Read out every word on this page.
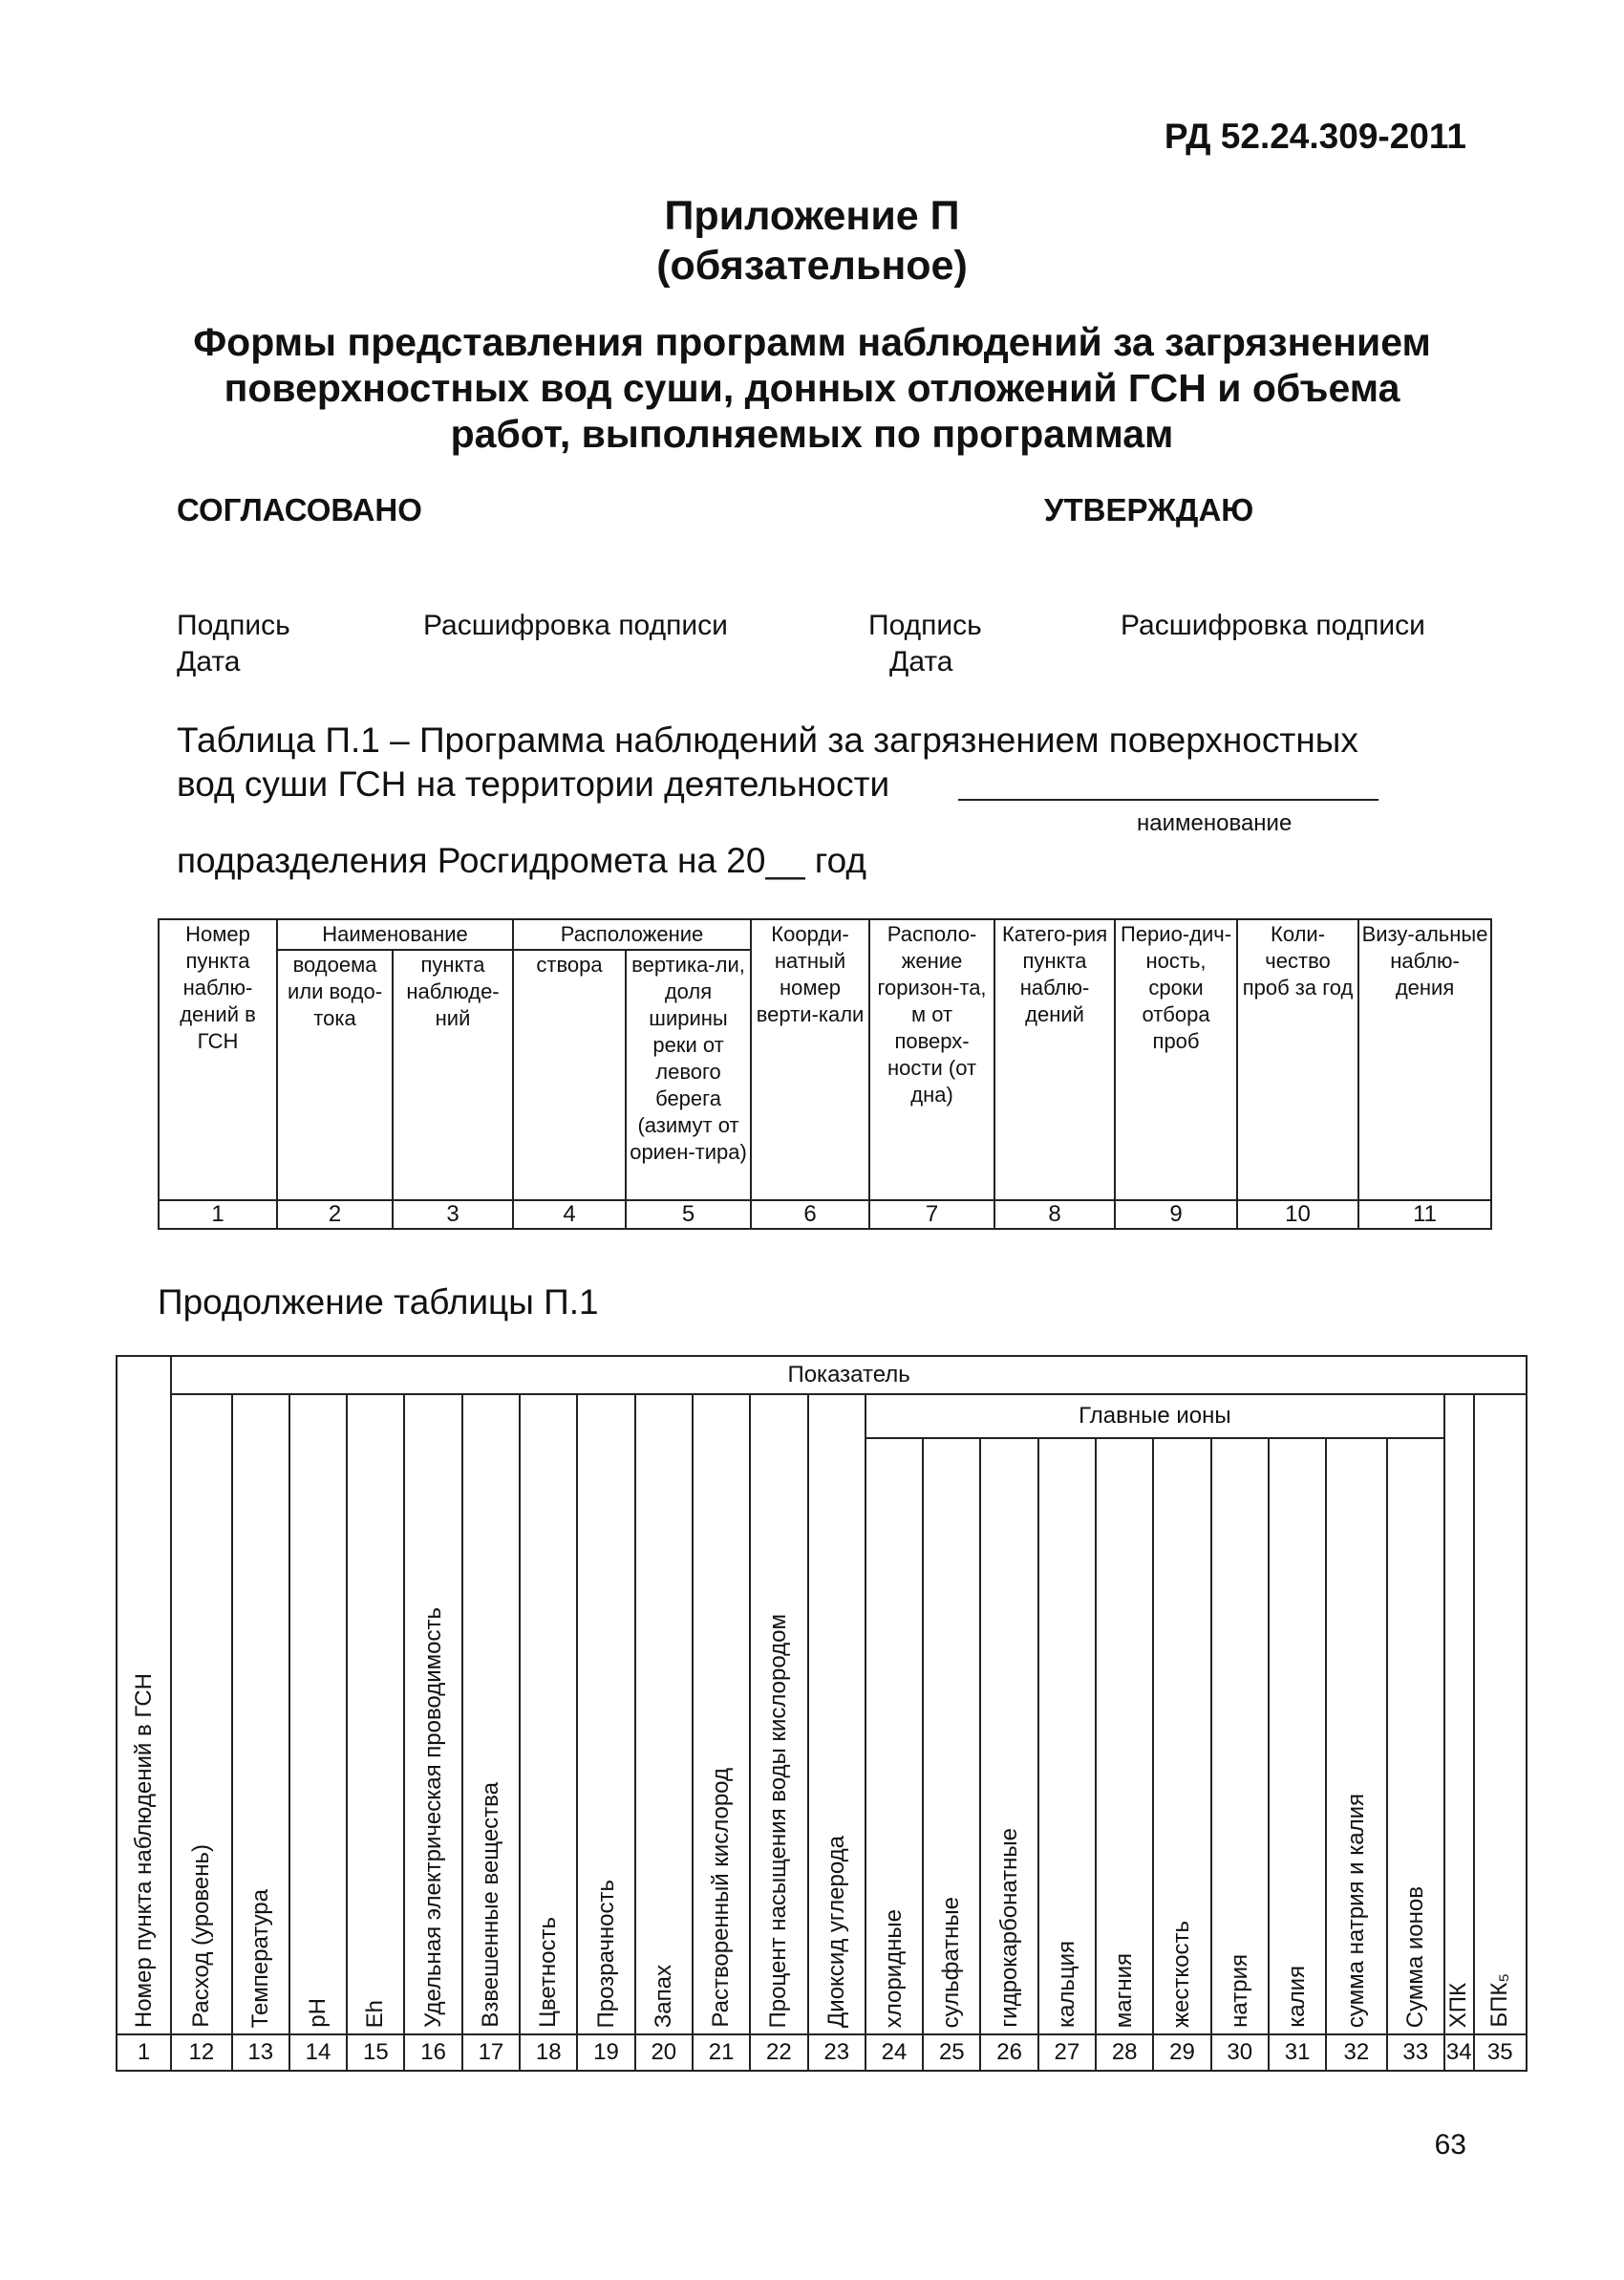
РД 52.24.309-2011
Приложение П
(обязательное)
Формы представления программ наблюдений за загрязнением
поверхностных вод суши, донных отложений ГСН и объема
работ, выполняемых по программам
СОГЛАСОВАНО	УТВЕРЖДАЮ
Подпись	Расшифровка подписи
Дата
Подпись	Расшифровка подписи
Дата
Таблица П.1 – Программа наблюдений за загрязнением поверхностных
вод суши ГСН на территории деятельности
наименование
подразделения Росгидромета на 20__ год
Номер пункта наблю-дений в ГСН	Наименование		Расположение		Коорди-натный номер верти-кали	Располо-жение горизон-та, м от поверх-ности (от дна)	Катего-рия пункта наблю-дений	Перио-дич-ность, сроки отбора проб	Коли-чество проб за год	Визу-альные наблю-дения
	водоема или водо-тока	пункта наблюде-ний	створа	вертика-ли, доля ширины реки от левого берега (азимут от ориен-тира)						
1	2	3	4	5	6	7	8	9	10	11
Продолжение таблицы П.1
Номер пункта наблюдений в ГСН	Показатель																							

	Расход (уровень)	Температура	pH	Eh	Удельная электрическая проводимость	Взвешенные вещества	Цветность	Прозрачность	Запах	Растворенный кислород	Процент насыщения воды кислородом	Диоксид углерода	Главные ионы										ХПК	БПК₅

													хлоридные	сульфатные	гидрокарбонатные	кальция	магния	жесткость	натрия	калия	сумма натрия и калия	Сумма ионов		

1	12	13	14	15	16	17	18	19	20	21	22	23	24	25	26	27	28	29	30	31	32	33	34	35
63
